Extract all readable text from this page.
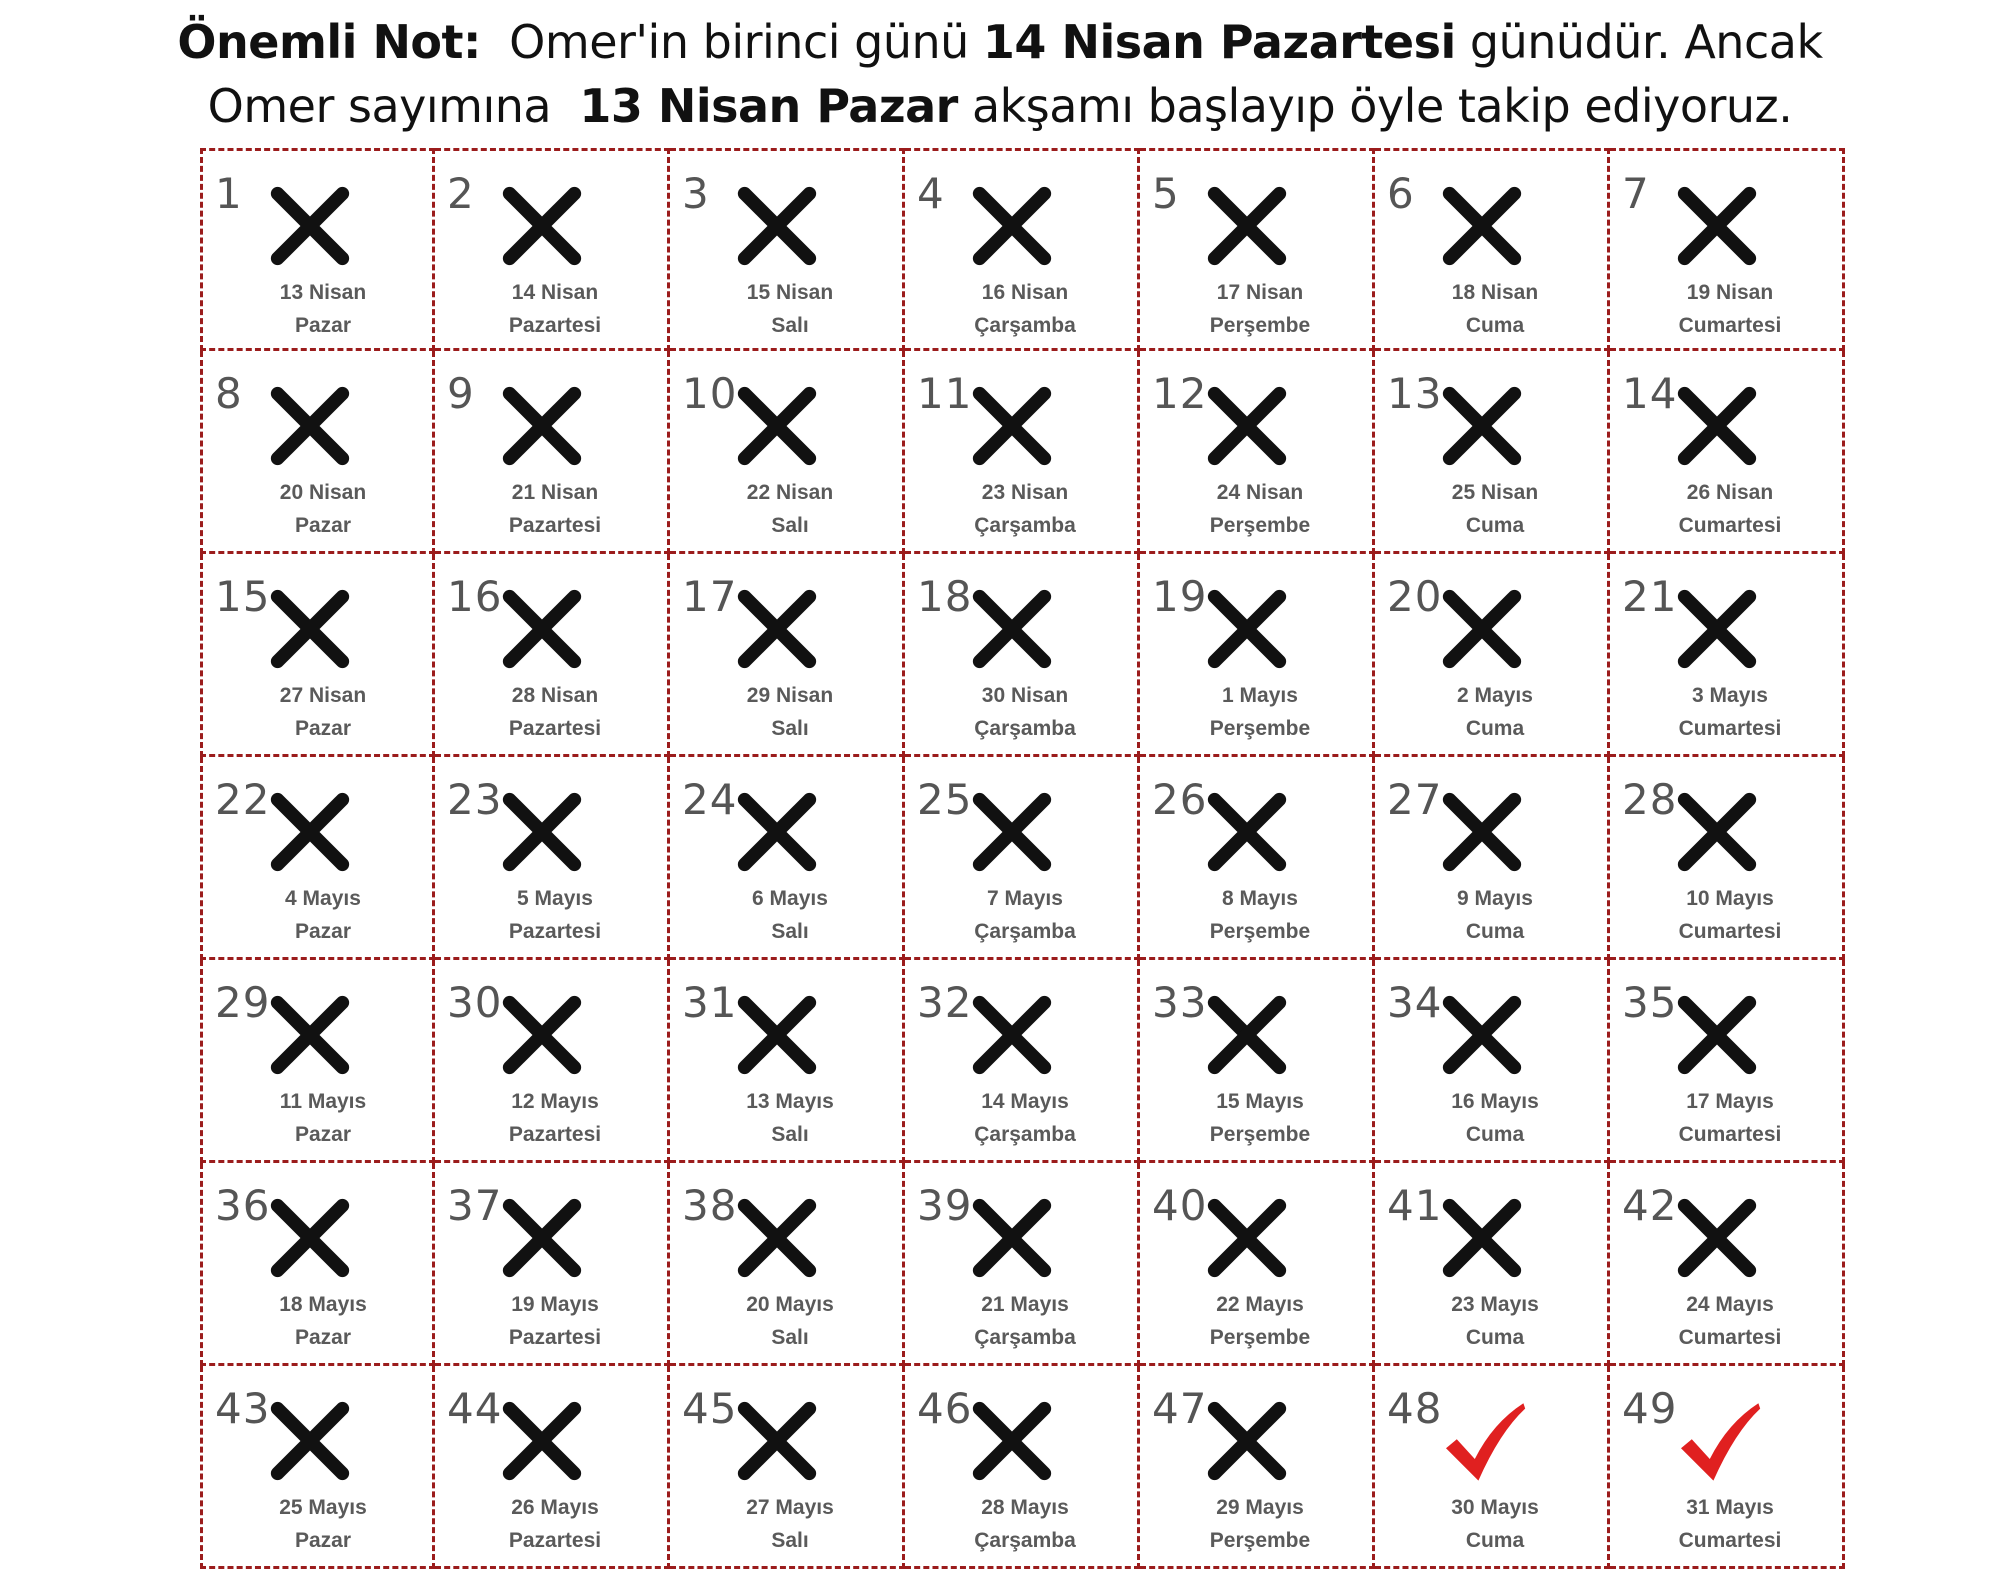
Önemli Not:  Omer'in birinci günü 14 Nisan Pazartesi günüdür. Ancak
Omer sayımına  13 Nisan Pazar akşamı başlayıp öyle takip ediyoruz.
1
13 Nisan
Pazar
2
14 Nisan
Pazartesi
3
15 Nisan
Salı
4
16 Nisan
Çarşamba
5
17 Nisan
Perşembe
6
18 Nisan
Cuma
7
19 Nisan
Cumartesi
8
20 Nisan
Pazar
9
21 Nisan
Pazartesi
10
22 Nisan
Salı
11
23 Nisan
Çarşamba
12
24 Nisan
Perşembe
13
25 Nisan
Cuma
14
26 Nisan
Cumartesi
15
27 Nisan
Pazar
16
28 Nisan
Pazartesi
17
29 Nisan
Salı
18
30 Nisan
Çarşamba
19
1 Mayıs
Perşembe
20
2 Mayıs
Cuma
21
3 Mayıs
Cumartesi
22
4 Mayıs
Pazar
23
5 Mayıs
Pazartesi
24
6 Mayıs
Salı
25
7 Mayıs
Çarşamba
26
8 Mayıs
Perşembe
27
9 Mayıs
Cuma
28
10 Mayıs
Cumartesi
29
11 Mayıs
Pazar
30
12 Mayıs
Pazartesi
31
13 Mayıs
Salı
32
14 Mayıs
Çarşamba
33
15 Mayıs
Perşembe
34
16 Mayıs
Cuma
35
17 Mayıs
Cumartesi
36
18 Mayıs
Pazar
37
19 Mayıs
Pazartesi
38
20 Mayıs
Salı
39
21 Mayıs
Çarşamba
40
22 Mayıs
Perşembe
41
23 Mayıs
Cuma
42
24 Mayıs
Cumartesi
43
25 Mayıs
Pazar
44
26 Mayıs
Pazartesi
45
27 Mayıs
Salı
46
28 Mayıs
Çarşamba
47
29 Mayıs
Perşembe
48
30 Mayıs
Cuma
49
31 Mayıs
Cumartesi
